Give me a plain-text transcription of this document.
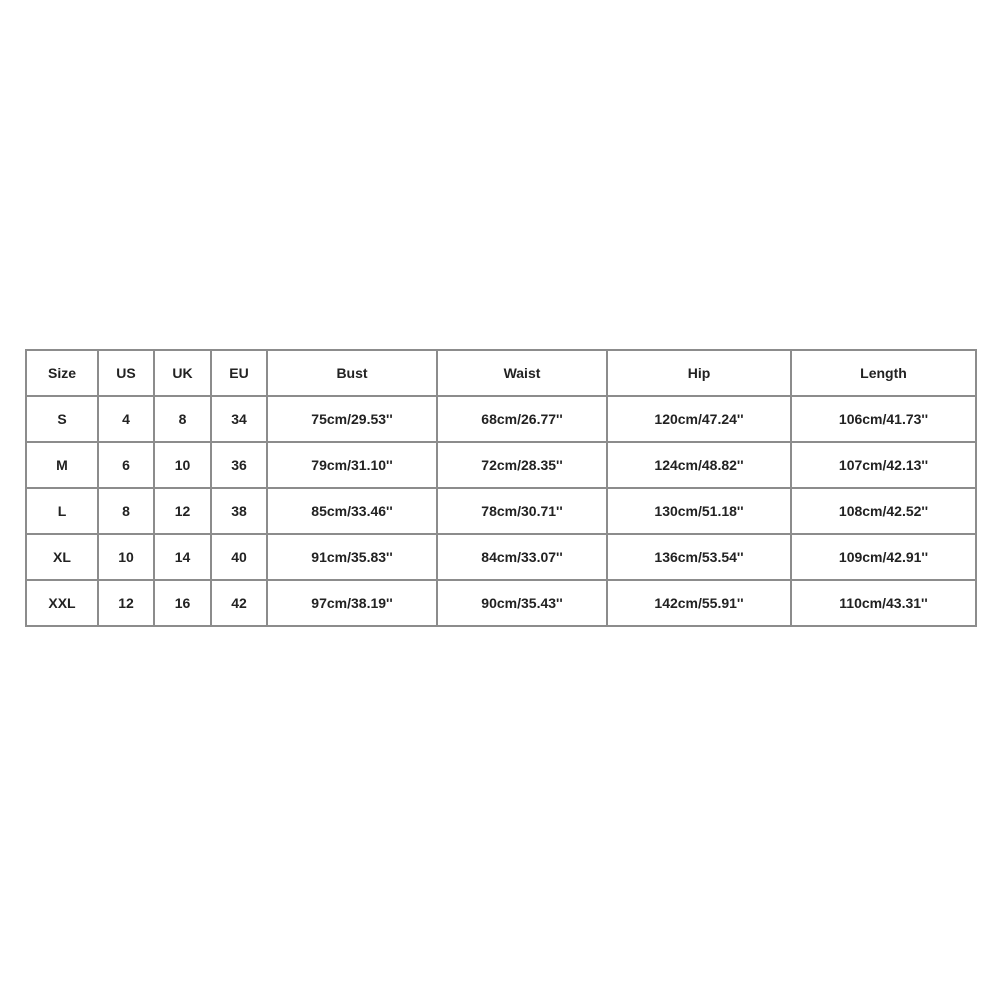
Size	US	UK	EU	Bust	Waist	Hip	Length
S	4	8	34	75cm/29.53''	68cm/26.77''	120cm/47.24''	106cm/41.73''
M	6	10	36	79cm/31.10''	72cm/28.35''	124cm/48.82''	107cm/42.13''
L	8	12	38	85cm/33.46''	78cm/30.71''	130cm/51.18''	108cm/42.52''
XL	10	14	40	91cm/35.83''	84cm/33.07''	136cm/53.54''	109cm/42.91''
XXL	12	16	42	97cm/38.19''	90cm/35.43''	142cm/55.91''	110cm/43.31''
